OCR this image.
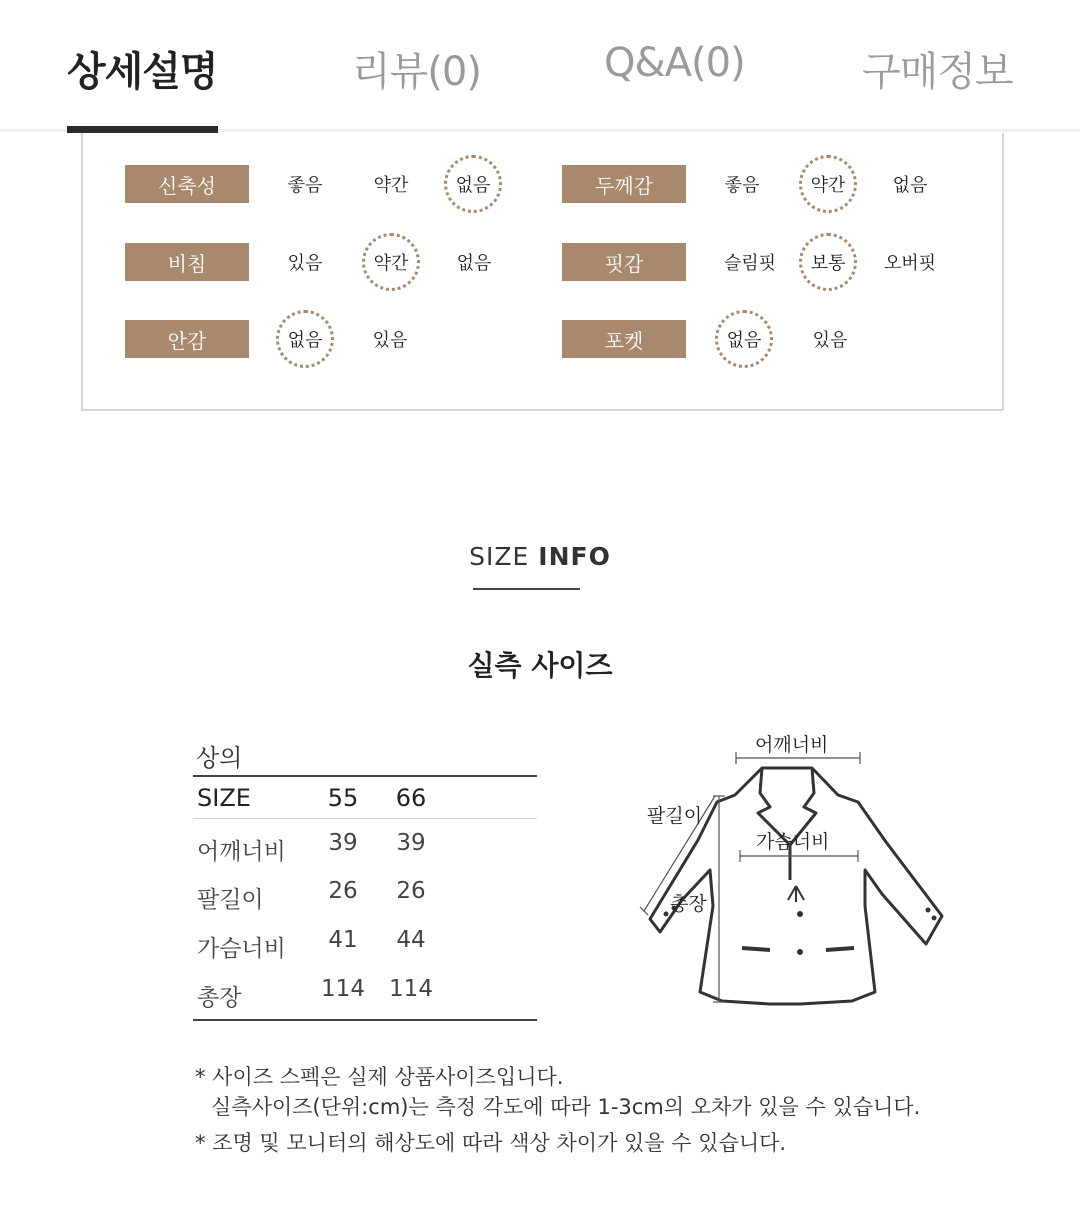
상세설명	리뷰(0)	Q&A(0)	구매정보
신축성	좋음	약간	없음
비침	있음	약간	없음
안감	없음	있음
두께감	좋음	약간	없음
핏감	슬림핏	보통	오버핏
포켓	없음	있음
SIZE INFO
실측 사이즈
상의
SIZE	55	66
어깨너비	39	39
팔길이	26	26
가슴너비	41	44
총장	114	114
어깨너비
팔길이
가슴너비
총장
* 사이즈 스펙은 실제 상품사이즈입니다.
실측사이즈(단위:cm)는 측정 각도에 따라 1-3cm의 오차가 있을 수 있습니다.
* 조명 및 모니터의 해상도에 따라 색상 차이가 있을 수 있습니다.
